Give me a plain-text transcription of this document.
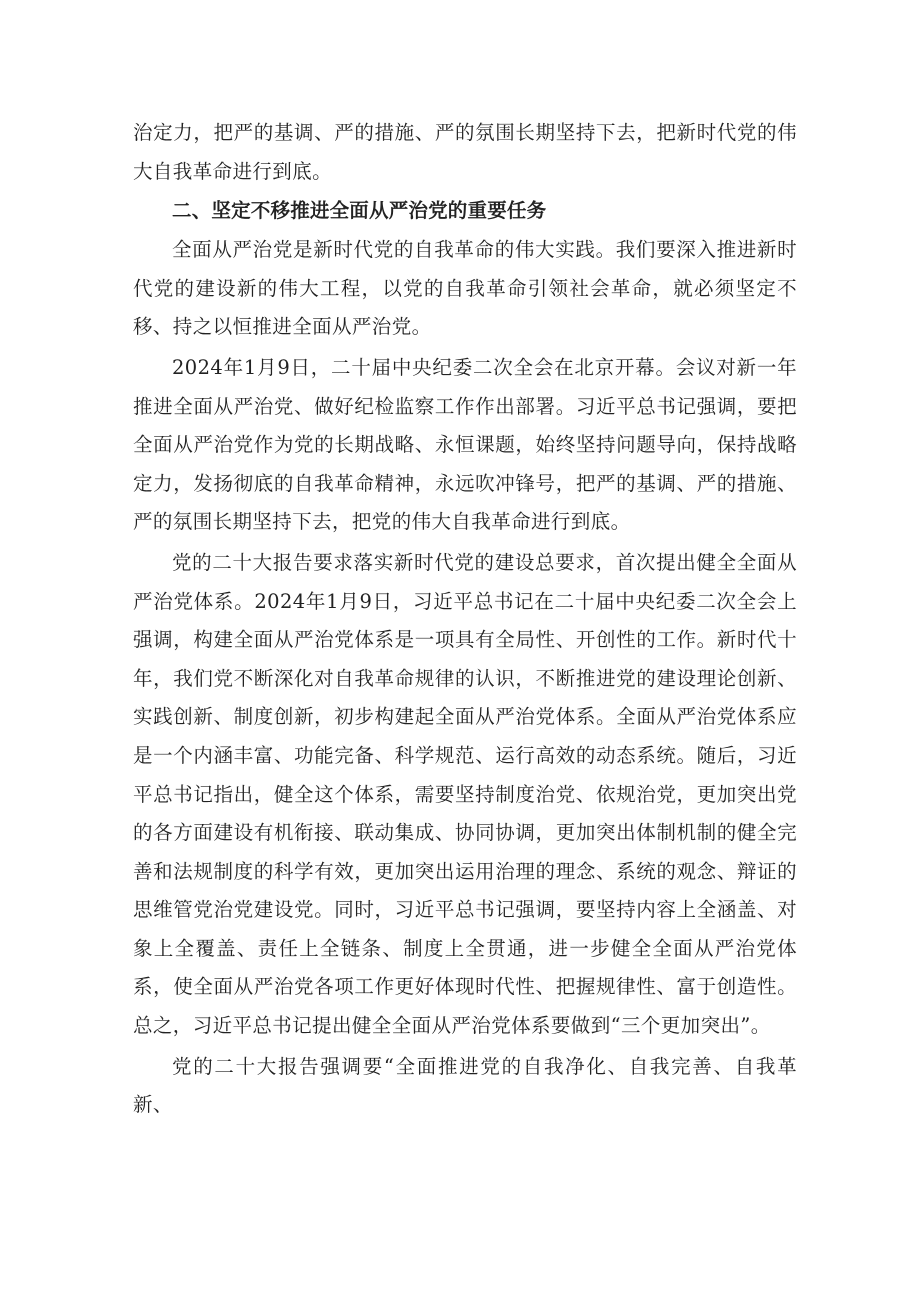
治定力，把严的基调、严的措施、严的氛围长期坚持下去，把新时代党的伟大自我革命进行到底。

二、坚定不移推进全面从严治党的重要任务

全面从严治党是新时代党的自我革命的伟大实践。我们要深入推进新时代党的建设新的伟大工程，以党的自我革命引领社会革命，就必须坚定不移、持之以恒推进全面从严治党。

2024年1月9日，二十届中央纪委二次全会在北京开幕。会议对新一年推进全面从严治党、做好纪检监察工作作出部署。习近平总书记强调，要把全面从严治党作为党的长期战略、永恒课题，始终坚持问题导向，保持战略定力，发扬彻底的自我革命精神，永远吹冲锋号，把严的基调、严的措施、严的氛围长期坚持下去，把党的伟大自我革命进行到底。

党的二十大报告要求落实新时代党的建设总要求，首次提出健全全面从严治党体系。2024年1月9日，习近平总书记在二十届中央纪委二次全会上强调，构建全面从严治党体系是一项具有全局性、开创性的工作。新时代十年，我们党不断深化对自我革命规律的认识，不断推进党的建设理论创新、实践创新、制度创新，初步构建起全面从严治党体系。全面从严治党体系应是一个内涵丰富、功能完备、科学规范、运行高效的动态系统。随后，习近平总书记指出，健全这个体系，需要坚持制度治党、依规治党，更加突出党的各方面建设有机衔接、联动集成、协同协调，更加突出体制机制的健全完善和法规制度的科学有效，更加突出运用治理的理念、系统的观念、辩证的思维管党治党建设党。同时，习近平总书记强调，要坚持内容上全涵盖、对象上全覆盖、责任上全链条、制度上全贯通，进一步健全全面从严治党体系，使全面从严治党各项工作更好体现时代性、把握规律性、富于创造性。总之，习近平总书记提出健全全面从严治党体系要做到“三个更加突出”。

党的二十大报告强调要“全面推进党的自我净化、自我完善、自我革新、
